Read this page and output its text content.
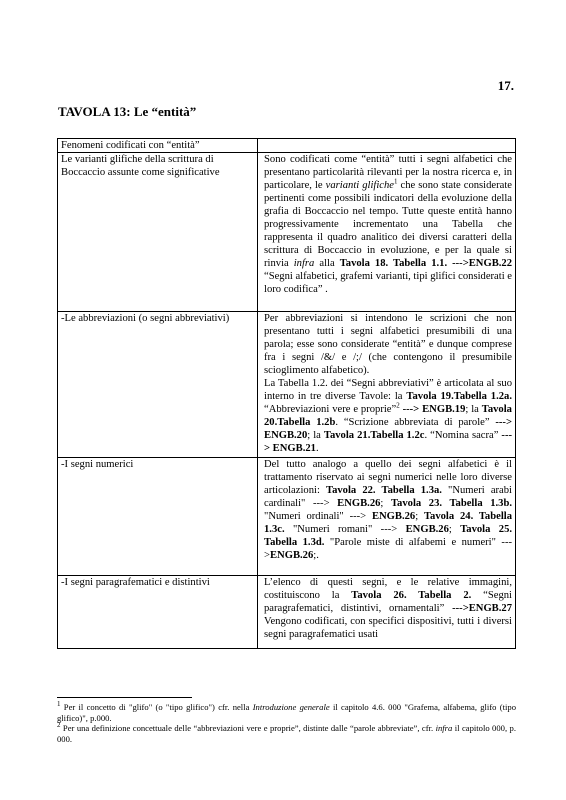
17.
TAVOLA 13: Le “entità”
Fenomeni codificati con “entità”	
Le varianti glifiche della scrittura di Boccaccio assunte come significative	Sono codificati come “entità” tutti i segni alfabetici che presentano particolarità rilevanti per la nostra ricerca e, in particolare, le varianti glifiche$^1$ che sono state considerate pertinenti come possibili indicatori della evoluzione della grafia di Boccaccio nel tempo. Tutte queste entità hanno progressivamente incrementato una Tabella che rappresenta il quadro analitico dei diversi caratteri della scrittura di Boccaccio in evoluzione, e per la quale si rinvia infra alla Tavola 18. Tabella 1.1. --->ENGB.22 “Segni alfabetici, grafemi varianti, tipi glifici considerati e loro codifica” .
-Le abbreviazioni (o segni abbreviativi)	Per abbreviazioni si intendono le scrizioni che non presentano tutti i segni alfabetici presumibili di una parola; esse sono considerate “entità” e dunque comprese fra i segni /&/ e /;/ (che contengono il presumibile scioglimento alfabetico).
La Tabella 1.2. dei “Segni abbreviativi” è articolata al suo interno in tre diverse Tavole: la Tavola 19.Tabella 1.2a. “Abbreviazioni vere e proprie”$^2$ ---> ENGB.19; la Tavola 20.Tabella 1.2b. “Scrizione abbreviata di parole” ---> ENGB.20; la Tavola 21.Tabella 1.2c. “Nomina sacra” ---> ENGB.21.

-I segni numerici	Del tutto analogo a quello dei segni alfabetici è il trattamento riservato ai segni numerici nelle loro diverse articolazioni: Tavola 22. Tabella 1.3a. "Numeri arabi cardinali" ---> ENGB.26; Tavola 23. Tabella 1.3b. "Numeri ordinali" ---> ENGB.26; Tavola 24. Tabella 1.3c. "Numeri romani" ---> ENGB.26; Tavola 25. Tabella 1.3d. "Parole miste di alfabemi e numeri" --->ENGB.26;.
-I segni paragrafematici e distintivi	L’elenco di questi segni, e le relative immagini, costituiscono la Tavola 26. Tabella 2. “Segni paragrafematici, distintivi, ornamentali” --->ENGB.27 Vengono codificati, con specifici dispositivi, tutti i diversi segni paragrafematici usati

$^1$ Per il concetto di "glifo" (o "tipo glifico") cfr. nella Introduzione generale il capitolo 4.6. 000 "Grafema, alfabema, glifo (tipo glifico)", p.000.

$^2$ Per una definizione concettuale delle “abbreviazioni vere e proprie”, distinte dalle “parole abbreviate”, cfr. infra il capitolo 000, p. 000.
